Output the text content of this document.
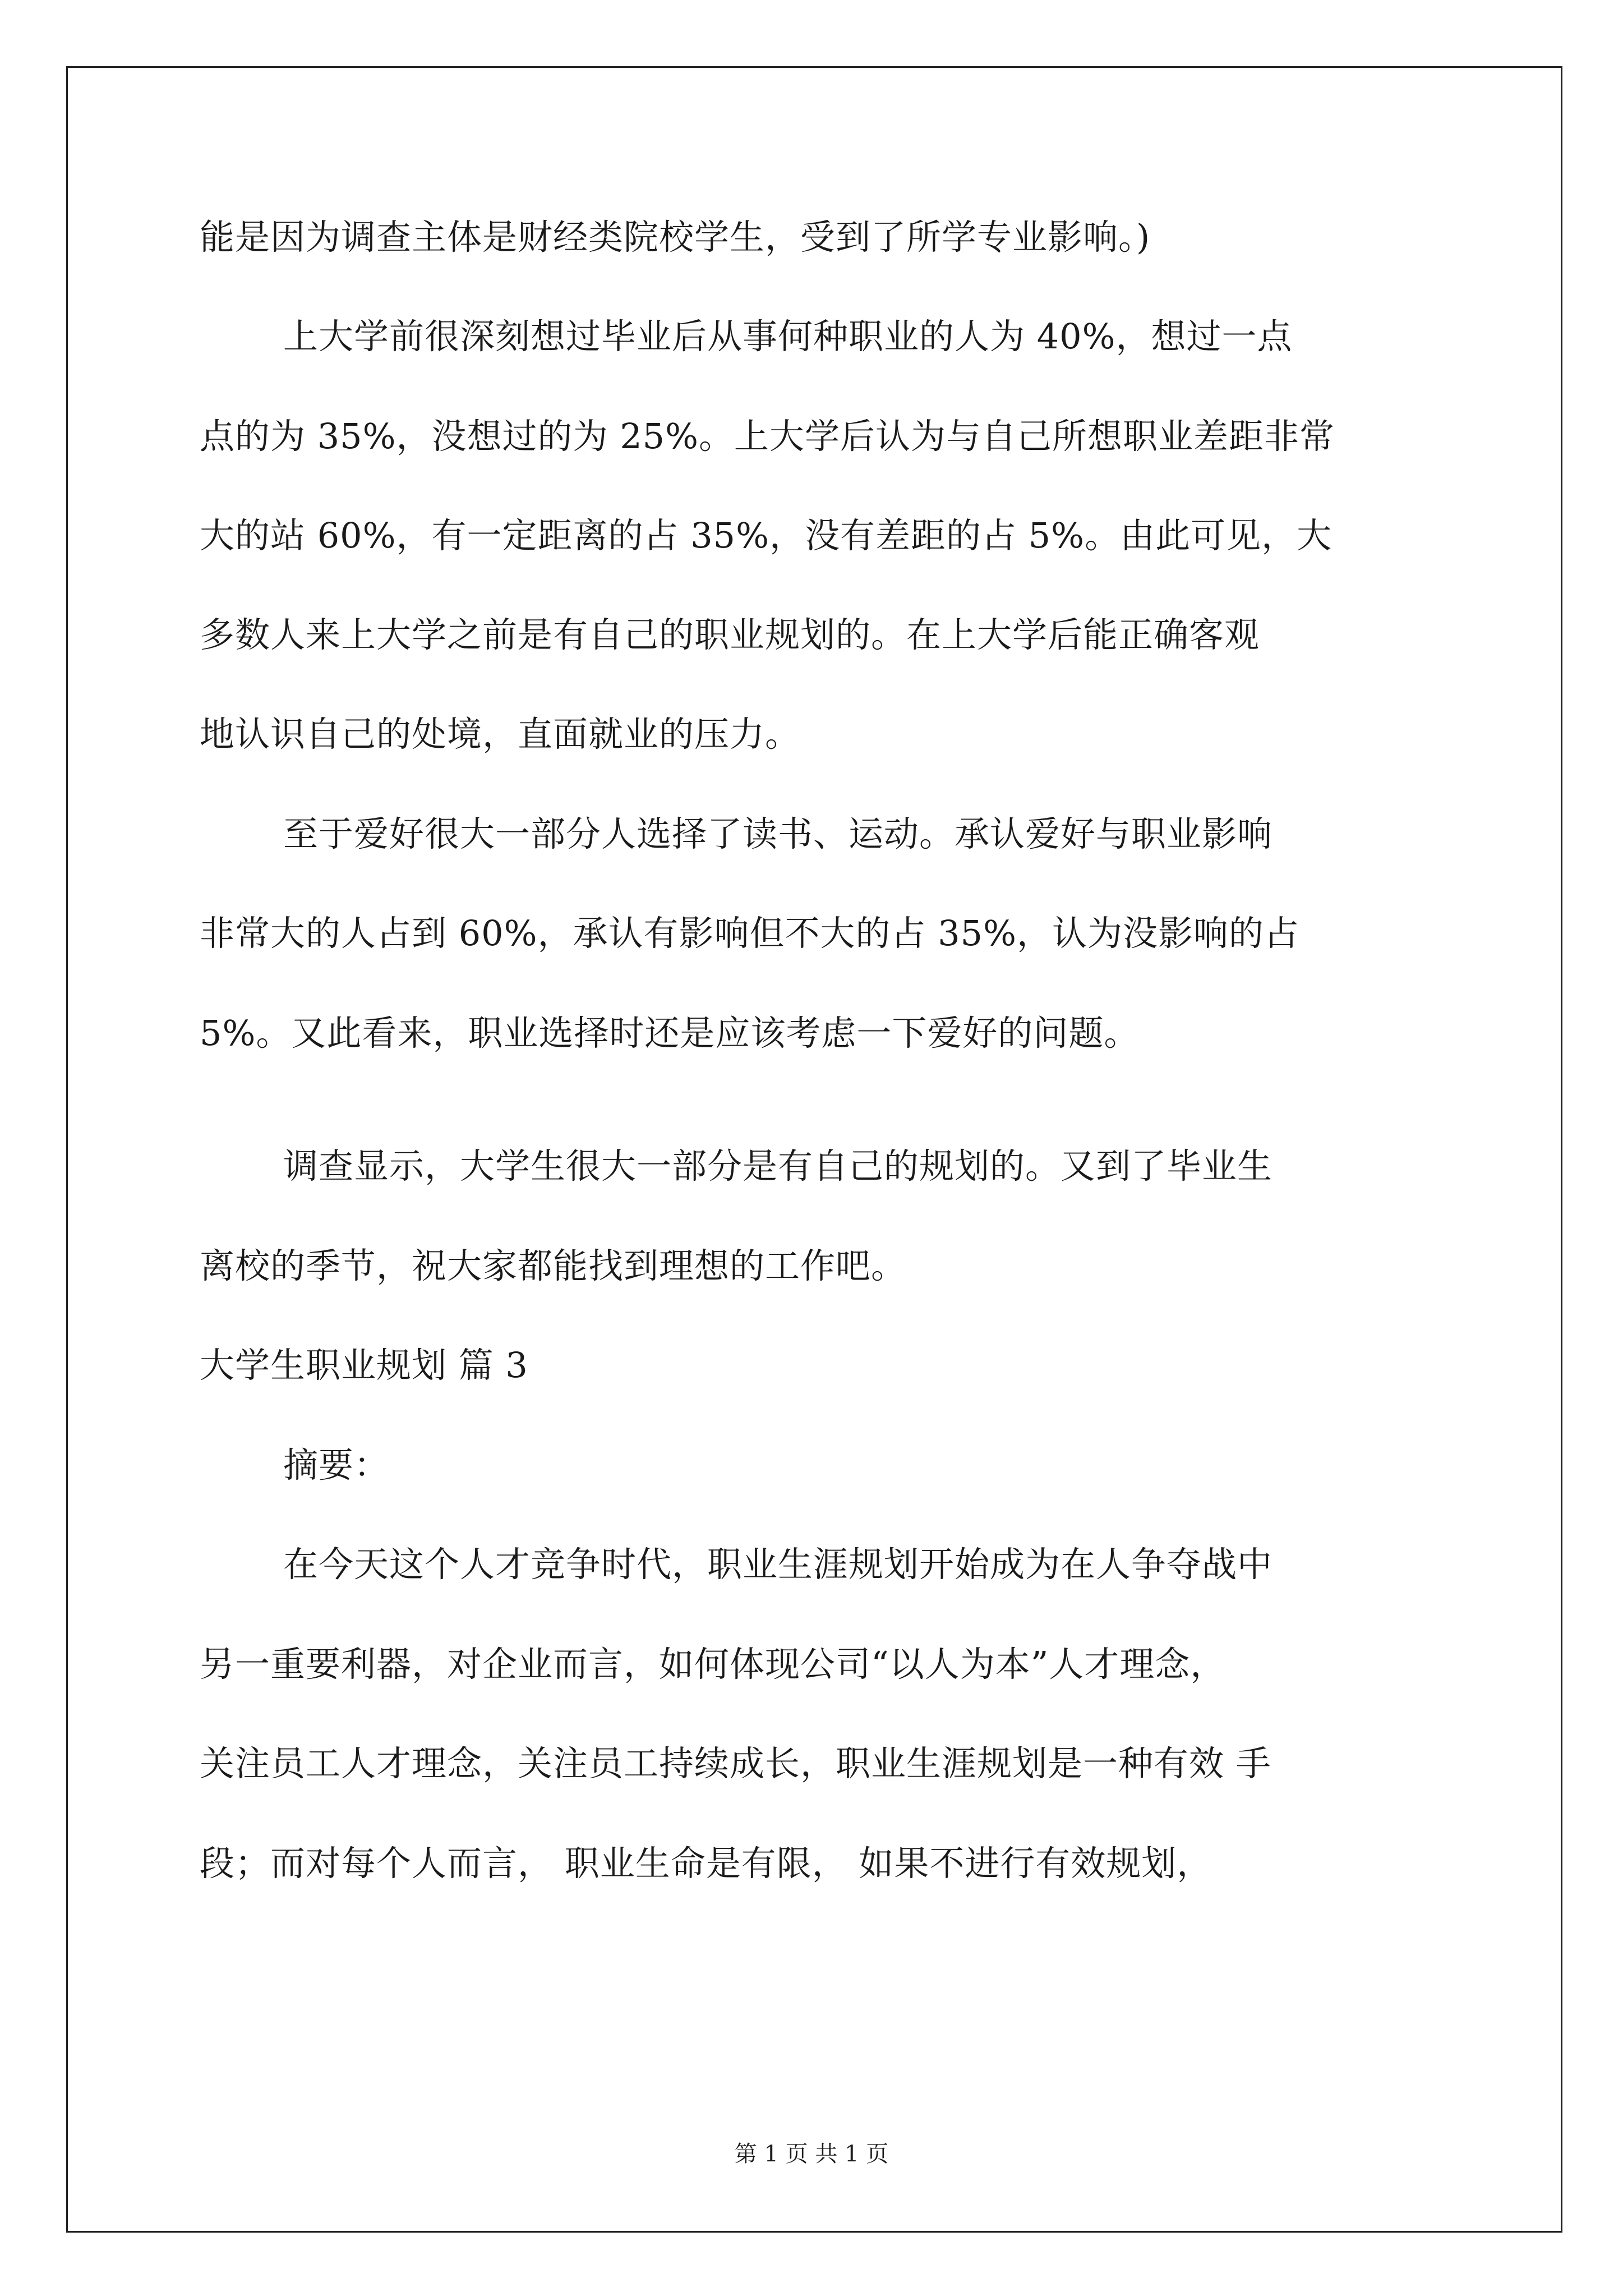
能是因为调查主体是财经类院校学生，受到了所学专业影响。)

上大学前很深刻想过毕业后从事何种职业的人为 40%，想过一点

点的为 35%，没想过的为 25%。上大学后认为与自己所想职业差距非常

大的站 60%，有一定距离的占 35%，没有差距的占 5%。由此可见，大

多数人来上大学之前是有自己的职业规划的。在上大学后能正确客观

地认识自己的处境，直面就业的压力。

至于爱好很大一部分人选择了读书、运动。承认爱好与职业影响

非常大的人占到 60%，承认有影响但不大的占 35%，认为没影响的占

5%。又此看来，职业选择时还是应该考虑一下爱好的问题。

调查显示，大学生很大一部分是有自己的规划的。又到了毕业生

离校的季节，祝大家都能找到理想的工作吧。

大学生职业规划 篇 3

摘要：

在今天这个人才竞争时代，职业生涯规划开始成为在人争夺战中

另一重要利器，对企业而言，如何体现公司“以人为本”人才理念，

关注员工人才理念，关注员工持续成长，职业生涯规划是一种有效 手

段；而对每个人而言， 职业生命是有限， 如果不进行有效规划，

第 1 页 共 1 页
